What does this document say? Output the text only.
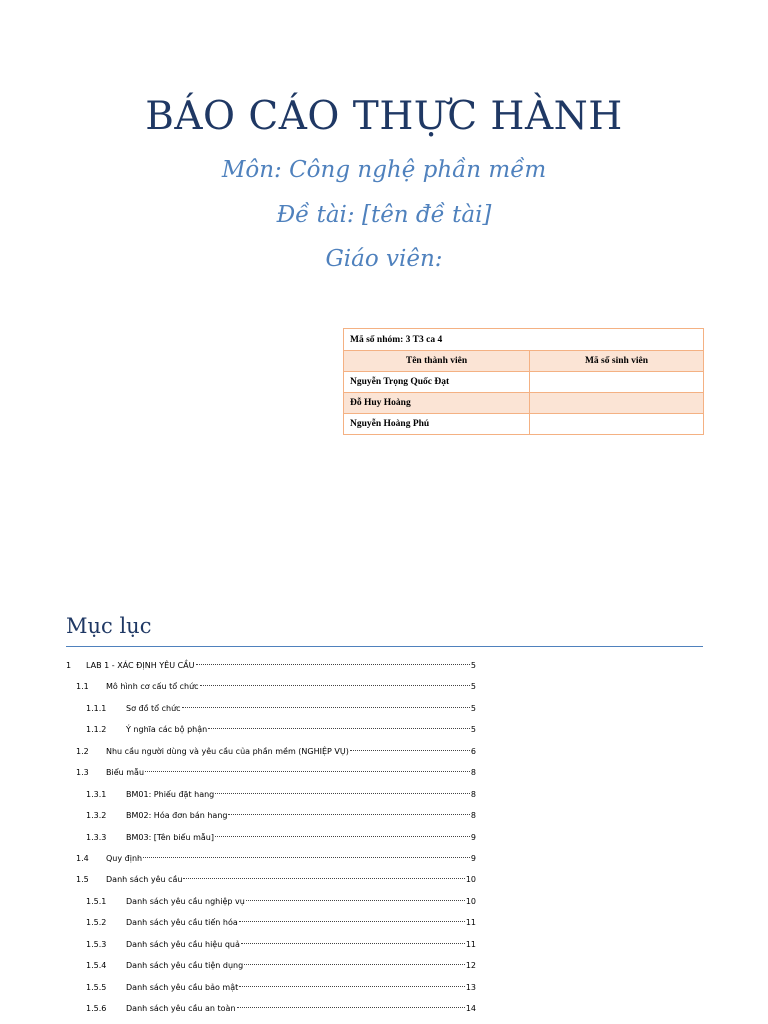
BÁO CÁO THỰC HÀNH
Môn: Công nghệ phần mềm
Đề tài: [tên đề tài]
Giáo viên:
Mã số nhóm: 3 T3 ca 4	
Tên thành viên	Mã số sinh viên
Nguyễn Trọng Quốc Đạt	
Đỗ Huy Hoàng	
Nguyễn Hoàng Phú	
Mục lục
1 LAB 1 - XÁC ĐỊNH YÊU CẦU	5
1.1 Mô hình cơ cấu tổ chức	5
1.1.1 Sơ đồ tổ chức	5
1.1.2 Ý nghĩa các bộ phận	5
1.2 Nhu cầu người dùng và yêu cầu của phần mềm (NGHIỆP VỤ)	6
1.3 Biểu mẫu	8
1.3.1 BM01: Phiếu đặt hang	8
1.3.2 BM02: Hóa đơn bán hang	8
1.3.3 BM03: [Tên biểu mẫu]	9
1.4 Quy định	9
1.5 Danh sách yêu cầu	10
1.5.1 Danh sách yêu cầu nghiệp vụ	10
1.5.2 Danh sách yêu cầu tiến hóa	11
1.5.3 Danh sách yêu cầu hiệu quả	11
1.5.4 Danh sách yêu cầu tiện dụng	12
1.5.5 Danh sách yêu cầu bảo mật	13
1.5.6 Danh sách yêu cầu an toàn	14
